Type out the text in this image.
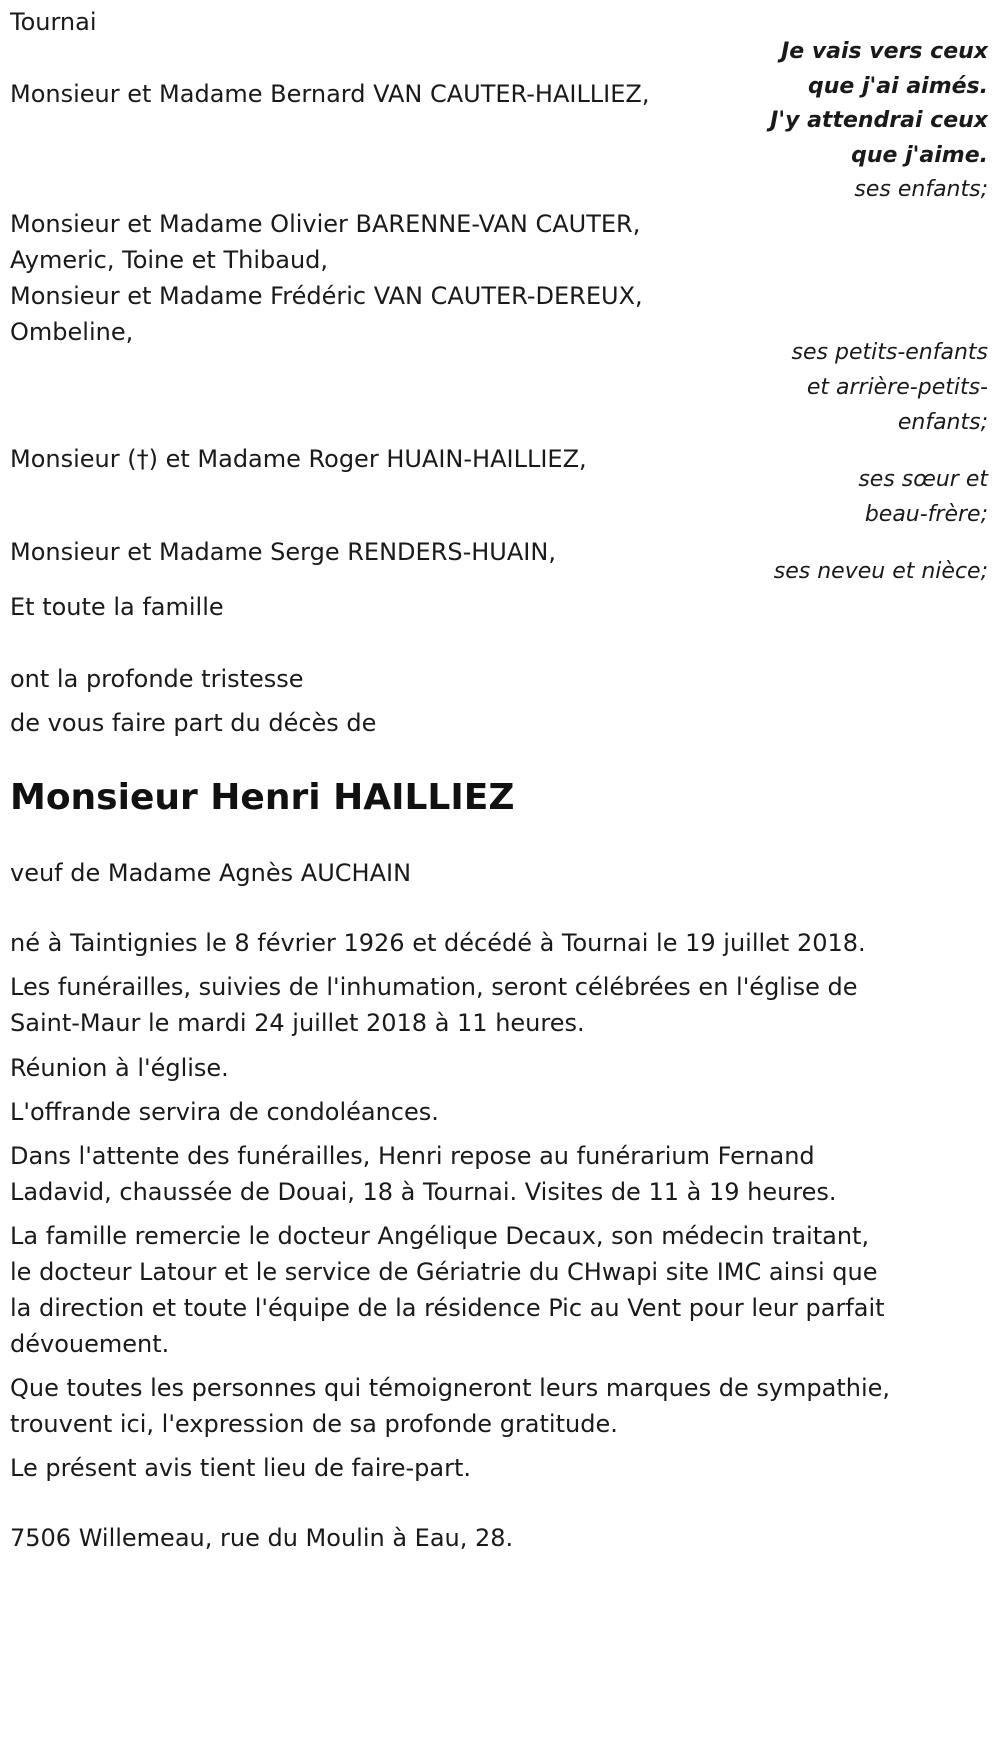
Tournai

Je vais vers ceux

que j'ai aimés.

J'y attendrai ceux

que j'aime.

Monsieur et Madame Bernard VAN CAUTER-HAILLIEZ,

ses enfants;

Monsieur et Madame Olivier BARENNE-VAN CAUTER,

Aymeric, Toine et Thibaud,

Monsieur et Madame Frédéric VAN CAUTER-DEREUX,

Ombeline,

ses petits-enfants

et arrière-petits-

enfants;

Monsieur (†) et Madame Roger HUAIN-HAILLIEZ,

ses sœur et

beau-frère;

Monsieur et Madame Serge RENDERS-HUAIN,

ses neveu et nièce;

Et toute la famille

ont la profonde tristesse

de vous faire part du décès de

Monsieur Henri HAILLIEZ

veuf de Madame Agnès AUCHAIN

né à Taintignies le 8 février 1926 et décédé à Tournai le 19 juillet 2018.

Les funérailles, suivies de l'inhumation, seront célébrées en l'église de

Saint-Maur le mardi 24 juillet 2018 à 11 heures.

Réunion à l'église.

L'offrande servira de condoléances.

Dans l'attente des funérailles, Henri repose au funérarium Fernand

Ladavid, chaussée de Douai, 18 à Tournai. Visites de 11 à 19 heures.

La famille remercie le docteur Angélique Decaux, son médecin traitant,

le docteur Latour et le service de Gériatrie du CHwapi site IMC ainsi que

la direction et toute l'équipe de la résidence Pic au Vent pour leur parfait

dévouement.

Que toutes les personnes qui témoigneront leurs marques de sympathie,

trouvent ici, l'expression de sa profonde gratitude.

Le présent avis tient lieu de faire-part.

7506 Willemeau, rue du Moulin à Eau, 28.
